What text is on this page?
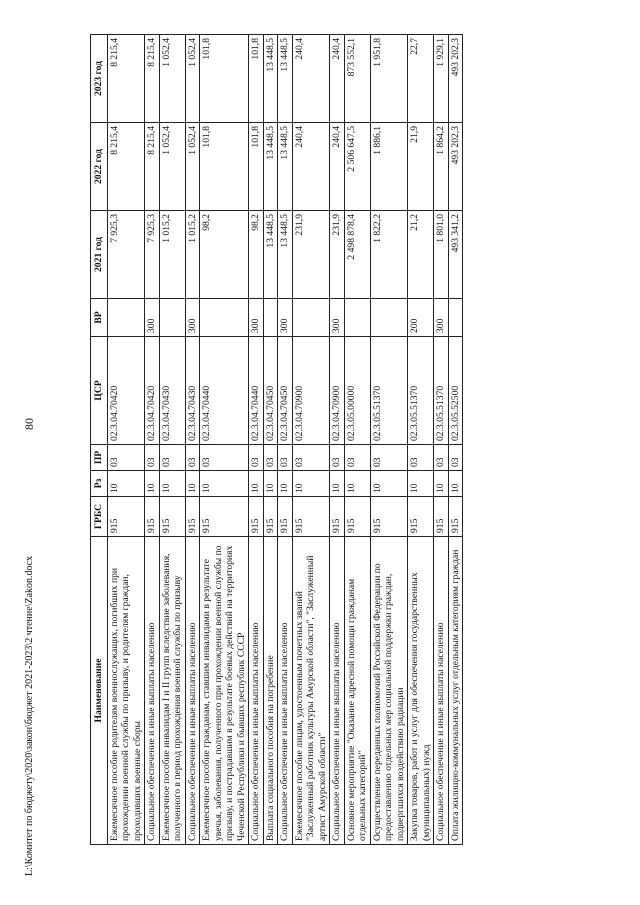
80
Наименование	ГРБС	Рз	ПР	ЦСР	ВР	2021 год	2022 год	2023 год
Ежемесячное пособие родителям военнослужащих, погибших при прохождении военной службы по призыву, и родителям граждан, проходивших военные сборы	915	10	03	02.3.04.70420		7 925,3	8 215,4	8 215,4
Социальное обеспечение и иные выплаты населению	915	10	03	02.3.04.70420	300	7 925,3	8 215,4	8 215,4
Ежемесячное пособие инвалидам I и II групп вследствие заболевания, полученного в период прохождения военной службы по призыву	915	10	03	02.3.04.70430		1 015,2	1 052,4	1 052,4
Социальное обеспечение и иные выплаты населению	915	10	03	02.3.04.70430	300	1 015,2	1 052,4	1 052,4
Ежемесячное пособие гражданам, ставшим инвалидами в результате увечья, заболевания, полученного при прохождении военной службы по призыву, и пострадавшим в результате боевых действий на территориях Чеченской Республики и бывших республик СССР	915	10	03	02.3.04.70440		98,2	101,8	101,8
Социальное обеспечение и иные выплаты населению	915	10	03	02.3.04.70440	300	98,2	101,8	101,8
Выплата социального пособия на погребение	915	10	03	02.3.04.70450		13 448,5	13 448,5	13 448,5
Социальное обеспечение и иные выплаты населению	915	10	03	02.3.04.70450	300	13 448,5	13 448,5	13 448,5
Ежемесячное пособие лицам, удостоенным почетных званий "Заслуженный работник культуры Амурской области", "Заслуженный артист Амурской области"	915	10	03	02.3.04.70900		231,9	240,4	240,4
Социальное обеспечение и иные выплаты населению	915	10	03	02.3.04.70900	300	231,9	240,4	240,4
Основное мероприятие "Оказание адресной помощи гражданам отдельных категорий"	915	10	03	02.3.05.00000		2 498 878,4	2 506 647,5	873 552,1
Осуществление переданных полномочий Российской Федерации по предоставлению отдельных мер социальной поддержки граждан, подвергшихся воздействию радиации	915	10	03	02.3.05.51370		1 822,2	1 886,1	1 951,8
Закупка товаров, работ и услуг для обеспечения государственных (муниципальных) нужд	915	10	03	02.3.05.51370	200	21,2	21,9	22,7
Социальное обеспечение и иные выплаты населению	915	10	03	02.3.05.51370	300	1 801,0	1 864,2	1 929,1
Оплата жилищно-коммунальных услуг отдельным категориям граждан	915	10	03	02.3.05.52500		493 341,2	493 202,3	493 202,3
L:\Комитет по бюджету\2020\закон\бюджет 2021-2023\2 чтение\Zakon.docx
